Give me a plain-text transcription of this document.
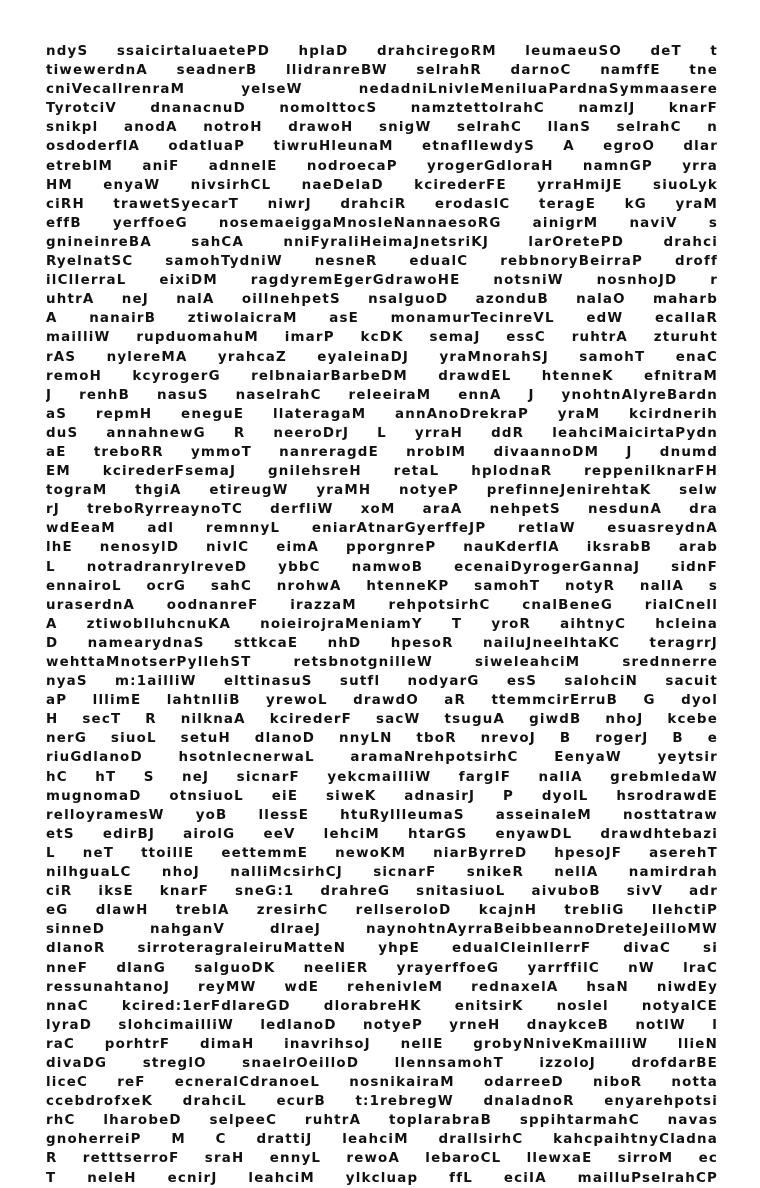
ndyS ssaicirtaluaetePD hplaD drahciregoRM leumaeuSO deT t
tiwewerdnA seadnerB llidranreBW selrahR darnoC namffE tne
cniVecallrenraM yelseW nedadniLnivleMeniluaPardnaSymmaasere
TyrotciV dnanacnuD nomolttocS namztettolrahC namzlJ knarF
snikpl anodA notroH drawoH snigW selrahC llanS selrahC n
osdoderflA odatluaP tiwruHleunaM etnafllewdyS A egroO dlar
etreblM aniF adnnelE nodroecaP yrogerGdloraH namnGP yrra
HM enyaW nivsirhCL naeDelaD kcirederFE yrraHmiJE siuoLyk
ciRH trawetSyecarT niwrJ drahciR erodaslC teragE kG yraM
effB yerffoeG nosemaeiggaMnosleNannaesoRG ainigrM naviV s
gnineinreBA sahCA nniFyraliHeimaJnetsriKJ larOretePD drahci
RyelnatSC samohTydniW nesneR edualC rebbnoryBeirraP droff
ilClIerraL eixiDM ragdyremEgerGdrawoHE notsniW nosnhoJD r
uhtrA neJ nalA oillnehpetS nsalguoD azonduB nalaO maharb
A nanairB ztiwolaicraM asE monamurTecinreVL edW ecallaR
mailliW rupduomahuM imarP kcDK semaJ essC ruhtrA zturuht
rAS nylereMA yrahcaZ eyaleinaDJ yraMnorahSJ samohT enaC
remoH kcyrogerG relbnaiarBarbeDM drawdEL htenneK efnitraM
J renhB nasuS naselrahC releeiraM ennA J ynohtnAlyreBardn
aS repmH eneguE llateragaM annAnoDrekraP yraM kcirdnerih
duS annahnewG R neeroDrJ L yrraH ddR leahciMaicirtaPydn
aE treboRR ymmoT nanreragdE nroblM divaannoDM J dnumd
EM kcirederFsemaJ gnilehsreH retaL hplodnaR reppenilknarFH
tograM thgiA etireugW yraMH notyeP prefinneJenirehtaK selw
rJ treboRyrreaynoTC derfliW xoM araA nehpetS nesdunA dra
wdEeaM adl remnnyL eniarAtnarGyerffeJP retlaW esuasreydnA
lhE nenosylD nivlC eimA pporgnreP nauKderflA iksrabB arab
L notradranrylreveD ybbC namwoB ecenaiDyrogerGannaJ sidnF
ennairoL ocrG sahC nrohwA htenneKP samohT notyR nallA s
uraserdnA oodnanreF irazzaM rehpotsirhC cnalBeneG rialCnell
A ztiwobIluhcnuKA noieirojraMeniamY T yroR aihtnyC hcleina
D namearydnaS sttkcaE nhD hpesoR nailuJneelhtaKC teragrrJ
wehttaMnotserPyllehST retsbnotgnilleW siweleahciM srednnerre
nyaS m:1ailliW elttinasuS sutfl nodyarG esS salohciN sacuit
aP lllimE lahtnlliB yrewoL drawdO aR ttemmcirErruB G dyol
H secT R nilknaA kcirederF sacW tsuguA giwdB nhoJ kcebe
nerG siuoL setuH dlanoD nnyLN tboR nrevoJ B rogerJ B e
riuGdlanoD hsotnlecnerwaL aramaNrehpotsirhC EenyaW yeytsir
hC hT S neJ sicnarF yekcmailliW fargIF nallA grebmledaW
mugnomaD otnsiuoL eiE siweK adnasirJ P dyolL hsrodrawdE
relloyramesW yoB llessE htuRyllleumaS asseinaleM nosttatraw
etS edirBJ airolG eeV lehciM htarGS enyawDL drawdhtebazi
L neT ttoillE eettemmE newoKM niarByrreD hpesoJF aserehT
nilhguaLC nhoJ nalliMcsirhCJ sicnarF snikeR nellA namirdrah
ciR iksE knarF sneG:1 drahreG snitasiuoL aivuboB sivV adr
eG dlawH treblA zresirhC rellseroloD kcajnH trebliG llehctiP
sinneD nahganV dlraeJ naynohtnAyrraBeibbeannoDreteJeilloMW
dlanoR sirroteragraleiruMatteN yhpE edualCleinllerrF divaC si
nneF dlanG salguoDK neeliER yrayerffoeG yarrffilC nW lraC
ressunahtanoJ reyMW wdE rehenivleM rednaxelA hsaN niwdEy
nnaC kcired:1erFdlareGD dlorabreHK enitsirK noslel notyalCE
lyraD slohcimailliW ledlanoD notyeP yrneH dnaykceB notlW l
raC porhtrF dimaH inavrihsoJ nellE grobyNniveKmailliW llieN
divaDG streglO snaelrOeilloD llennsamohT izzoloJ drofdarBE
liceC reF ecneralCdranoeL nosnikairaM odarreeD niboR notta
ccebdrofxeK drahciL ecurB t:1rebregW dnaladnoR enyarehpotsi
rhC lharobeD selpeeC ruhtrA toplarabraB sppihtarmahC navas
gnoherreiP M C drattiJ leahciM drallsirhC kahcpaihtnyCladna
R retttserroF sraH ennyL rewoA lebaroCL llewxaE sirroM ec
T neleH ecnirJ leahciM ylkcluap ffL eciIA mailluPselrahCP
